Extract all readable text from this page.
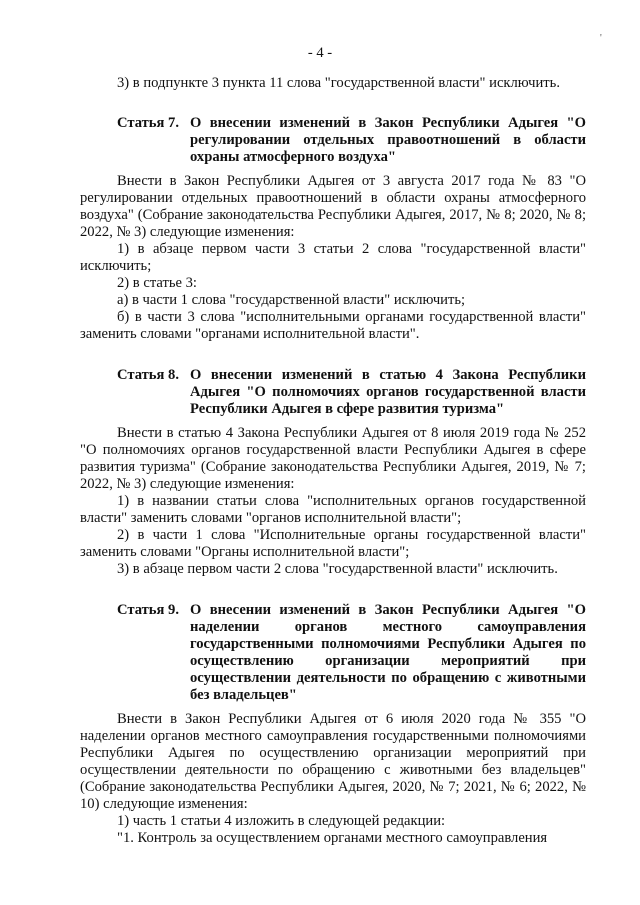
'
- 4 -

3) в подпункте 3 пункта 11 слова "государственной власти" исключить.

Статья 7. О внесении изменений в Закон Республики Адыгея "О регулировании отдельных правоотношений в области охраны атмосферного воздуха"

Внести в Закон Республики Адыгея от 3 августа 2017 года № 83 "О регулировании отдельных правоотношений в области охраны атмосферного воздуха" (Собрание законодательства Республики Адыгея, 2017, № 8; 2020, № 8; 2022, № 3) следующие изменения:

1) в абзаце первом части 3 статьи 2 слова "государственной власти" исключить;

2) в статье 3:

а) в части 1 слова "государственной власти" исключить;

б) в части 3 слова "исполнительными органами государственной власти" заменить словами "органами исполнительной власти".

Статья 8. О внесении изменений в статью 4 Закона Республики Адыгея "О полномочиях органов государственной власти Республики Адыгея в сфере развития туризма"

Внести в статью 4 Закона Республики Адыгея от 8 июля 2019 года № 252 "О полномочиях органов государственной власти Республики Адыгея в сфере развития туризма" (Собрание законодательства Республики Адыгея, 2019, № 7; 2022, № 3) следующие изменения:

1) в названии статьи слова "исполнительных органов государственной власти" заменить словами "органов исполнительной власти";

2) в части 1 слова "Исполнительные органы государственной власти" заменить словами "Органы исполнительной власти";

3) в абзаце первом части 2 слова "государственной власти" исключить.

Статья 9. О внесении изменений в Закон Республики Адыгея "О наделении органов местного самоуправления государственными полномочиями Республики Адыгея по осуществлению организации мероприятий при осуществлении деятельности по обращению с животными без владельцев"

Внести в Закон Республики Адыгея от 6 июля 2020 года № 355 "О наделении органов местного самоуправления государственными полномочиями Республики Адыгея по осуществлению организации мероприятий при осуществлении деятельности по обращению с животными без владельцев" (Собрание законодательства Республики Адыгея, 2020, № 7; 2021, № 6; 2022, № 10) следующие изменения:

1) часть 1 статьи 4 изложить в следующей редакции:

"1. Контроль за осуществлением органами местного самоуправления
